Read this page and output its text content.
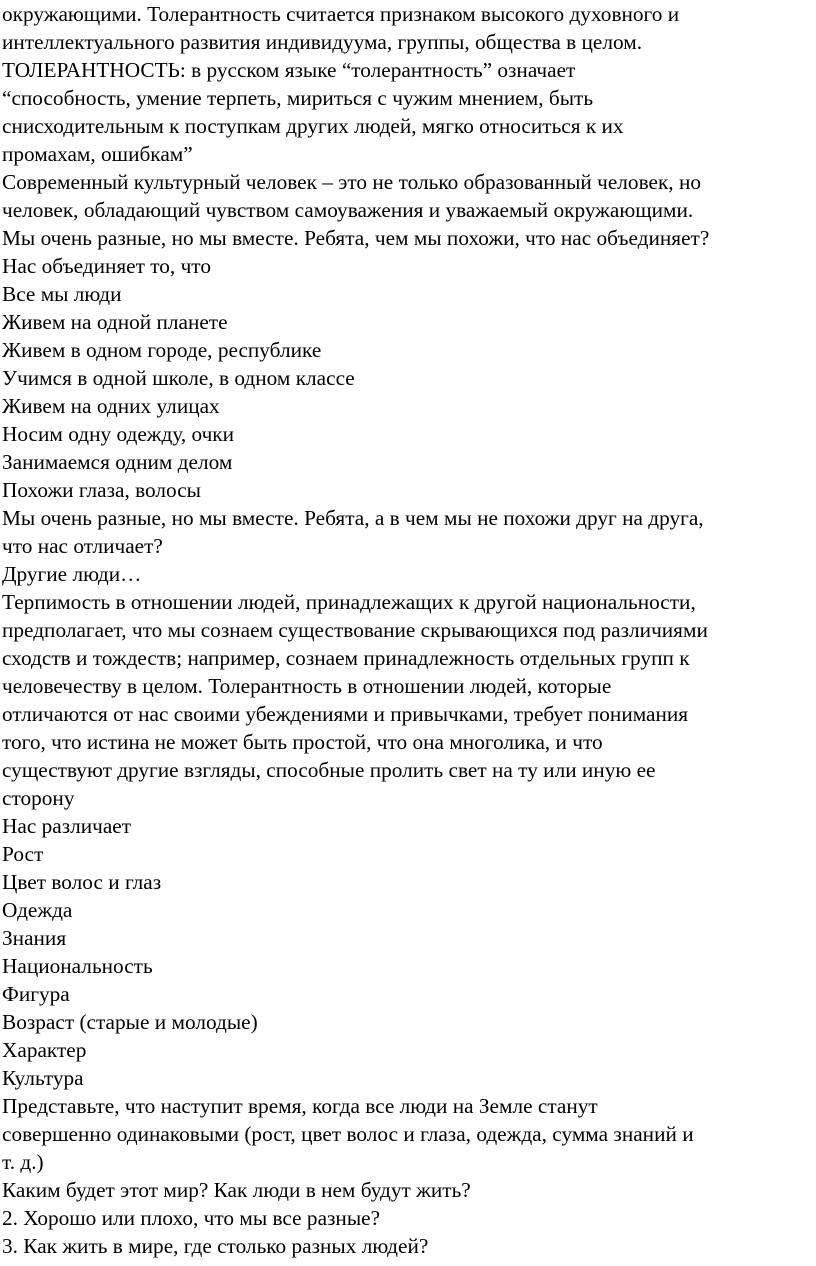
окружающими. Толерантность считается признаком высокого духовного и
интеллектуального развития индивидуума, группы, общества в целом.
ТОЛЕРАНТНОСТЬ: в русском языке “толерантность” означает
“способность, умение терпеть, мириться с чужим мнением, быть
снисходительным к поступкам других людей, мягко относиться к их
промахам, ошибкам”
Современный культурный человек – это не только образованный человек, но
человек, обладающий чувством самоуважения и уважаемый окружающими.
Мы очень разные, но мы вместе. Ребята, чем мы похожи, что нас объединяет?
Нас объединяет то, что
Все мы люди
Живем на одной планете
Живем в одном городе, республике
Учимся в одной школе, в одном классе
Живем на одних улицах
Носим одну одежду, очки
Занимаемся одним делом
Похожи глаза, волосы
Мы очень разные, но мы вместе. Ребята, а в чем мы не похожи друг на друга,
что нас отличает?
Другие люди…
Терпимость в отношении людей, принадлежащих к другой национальности,
предполагает, что мы сознаем существование скрывающихся под различиями
сходств и тождеств; например, сознаем принадлежность отдельных групп к
человечеству в целом. Толерантность в отношении людей, которые
отличаются от нас своими убеждениями и привычками, требует понимания
того, что истина не может быть простой, что она многолика, и что
существуют другие взгляды, способные пролить свет на ту или иную ее
сторону
Нас различает
Рост
Цвет волос и глаз
Одежда
Знания
Национальность
Фигура
Возраст (старые и молодые)
Характер
Культура
Представьте, что наступит время, когда все люди на Земле станут
совершенно одинаковыми (рост, цвет волос и глаза, одежда, сумма знаний и
т. д.)
Каким будет этот мир? Как люди в нем будут жить?
2. Хорошо или плохо, что мы все разные?
3. Как жить в мире, где столько разных людей?
